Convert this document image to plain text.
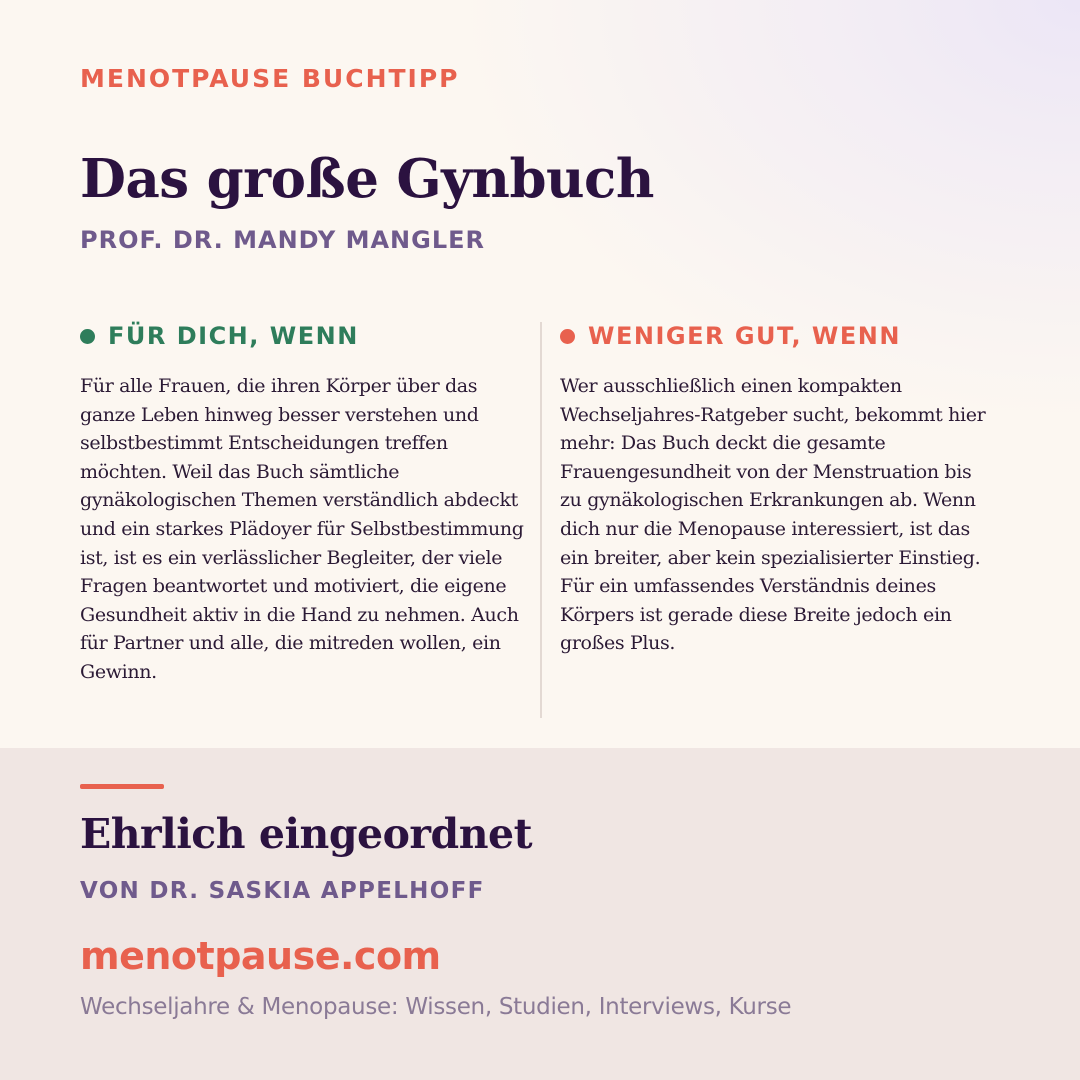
MENOTPAUSE BUCHTIPP
Das große Gynbuch
PROF. DR. MANDY MANGLER
FÜR DICH, WENN
Für alle Frauen, die ihren Körper über das ganze Leben hinweg besser verstehen und selbstbestimmt Entscheidungen treffen möchten. Weil das Buch sämtliche gynäkologischen Themen verständlich abdeckt und ein starkes Plädoyer für Selbstbestimmung ist, ist es ein verlässlicher Begleiter, der viele Fragen beantwortet und motiviert, die eigene Gesundheit aktiv in die Hand zu nehmen. Auch für Partner und alle, die mitreden wollen, ein Gewinn.
WENIGER GUT, WENN
Wer ausschließlich einen kompakten Wechseljahres-Ratgeber sucht, bekommt hier mehr: Das Buch deckt die gesamte Frauengesundheit von der Menstruation bis zu gynäkologischen Erkrankungen ab. Wenn dich nur die Menopause interessiert, ist das ein breiter, aber kein spezialisierter Einstieg. Für ein umfassendes Verständnis deines Körpers ist gerade diese Breite jedoch ein großes Plus.
Ehrlich eingeordnet
VON DR. SASKIA APPELHOFF
menotpause.com
Wechseljahre & Menopause: Wissen, Studien, Interviews, Kurse
